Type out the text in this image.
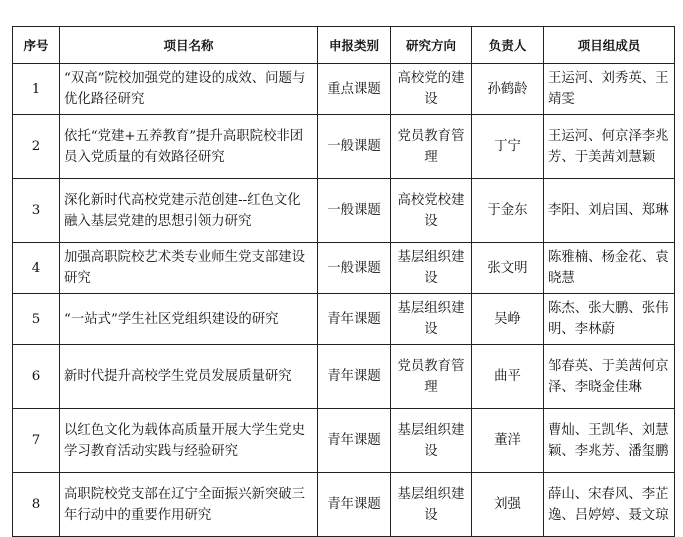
序号	项目名称	申报类别	研究方向	负责人	项目组成员
1	“双高”院校加强党的建设的成效、问题与优化路径研究	重点课题	高校党的建设	孙鹤龄	王运河、刘秀英、王靖雯
2	依托“党建+五养教育”提升高职院校非团员入党质量的有效路径研究	一般课题	党员教育管理	丁宁	王运河、何京泽李兆芳、于美茜刘慧颖
3	深化新时代高校党建示范创建--红色文化融入基层党建的思想引领力研究	一般课题	高校党校建设	于金东	李阳、刘启国、郑琳
4	加强高职院校艺术类专业师生党支部建设研究	一般课题	基层组织建设	张文明	陈雅楠、杨金花、袁晓慧
5	“一站式”学生社区党组织建设的研究	青年课题	基层组织建设	吴峥	陈杰、张大鹏、张伟明、李林蔚
6	新时代提升高校学生党员发展质量研究	青年课题	党员教育管理	曲平	邹春英、于美茜何京泽、李晓金佳琳
7	以红色文化为载体高质量开展大学生党史学习教育活动实践与经验研究	青年课题	基层组织建设	董洋	曹灿、王凯华、刘慧颖、李兆芳、潘玺鹏
8	高职院校党支部在辽宁全面振兴新突破三年行动中的重要作用研究	青年课题	基层组织建设	刘强	薛山、宋春风、李芷逸、吕婷婷、聂文琼
